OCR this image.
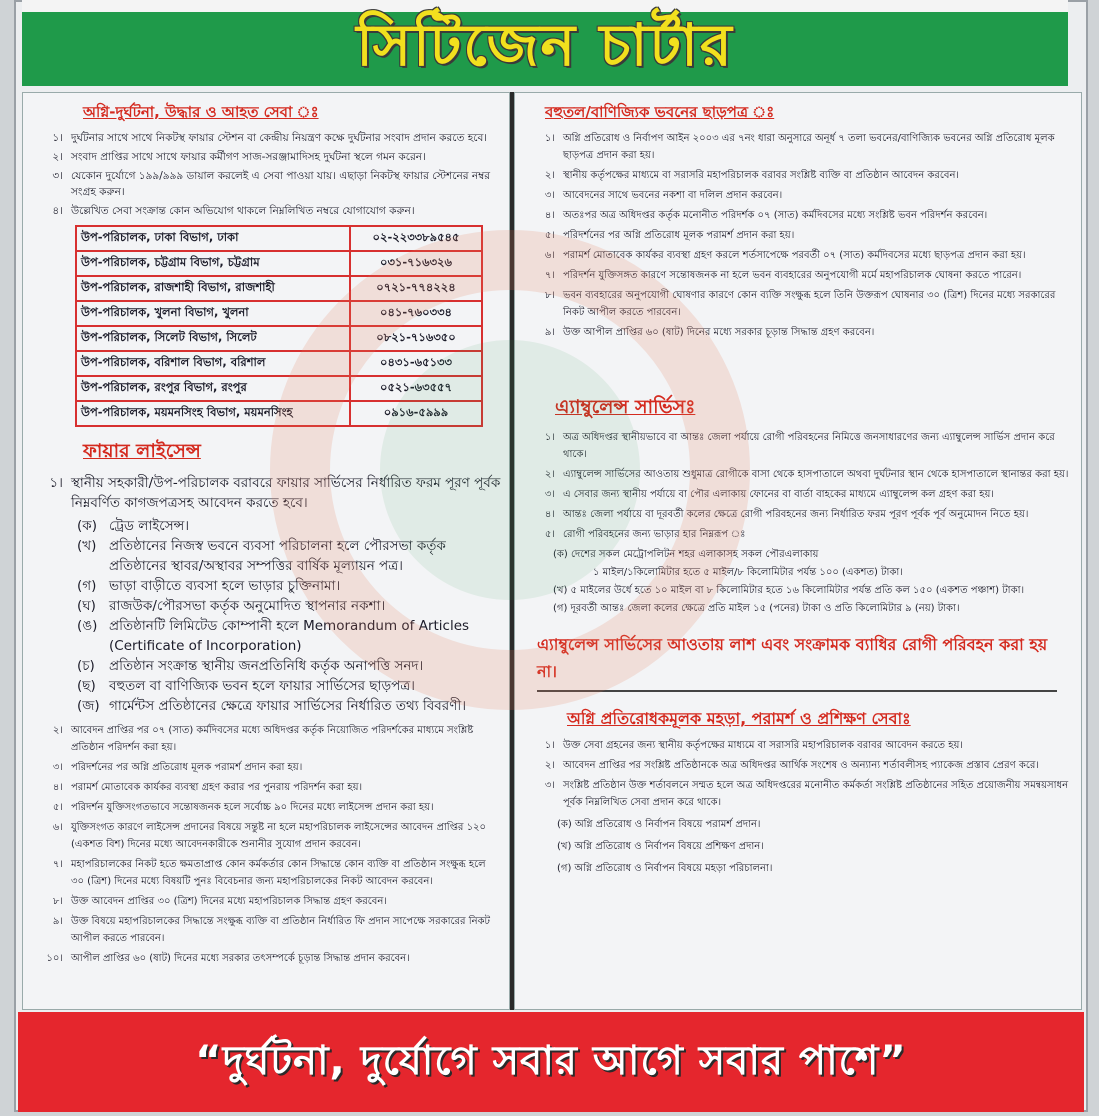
সিটিজেন চার্টার
অগ্নি-দুর্ঘটনা, উদ্ধার ও আহত সেবা ঃ
১। দুর্ঘটনার সাথে সাথে নিকটস্থ ফায়ার স্টেশন বা কেন্দ্রীয় নিয়ন্ত্রণ কক্ষে দুর্ঘটনার সংবাদ প্রদান করতে হবে।
২। সংবাদ প্রাপ্তির সাথে সাথে ফায়ার কর্মীগণ সাজ-সরঞ্জামাদিসহ দুর্ঘটনা স্থলে গমন করেন।
৩। যেকোন দুর্যোগে ১৯৯/৯৯৯ ডায়াল করলেই এ সেবা পাওয়া যায়। এছাড়া নিকটস্থ ফায়ার স্টেশনের নম্বর সংগ্রহ করুন।
৪। উল্লেখিত সেবা সংক্রান্ত কোন অভিযোগ থাকলে নিম্নলিখিত নম্বরে যোগাযোগ করুন।
উপ-পরিচালক, ঢাকা বিভাগ, ঢাকা	০২-২২৩৩৮৯৫৪৫
উপ-পরিচালক, চট্টগ্রাম বিভাগ, চট্টগ্রাম	০৩১-৭১৬৩২৬
উপ-পরিচালক, রাজশাহী বিভাগ, রাজশাহী	০৭২১-৭৭৪২২৪
উপ-পরিচালক, খুলনা বিভাগ, খুলনা	০৪১-৭৬০৩৩৪
উপ-পরিচালক, সিলেট বিভাগ, সিলেট	০৮২১-৭১৬৩৫০
উপ-পরিচালক, বরিশাল বিভাগ, বরিশাল	০৪৩১-৬৫১৩৩
উপ-পরিচালক, রংপুর বিভাগ, রংপুর	০৫২১-৬৩৫৫৭
উপ-পরিচালক, ময়মনসিংহ বিভাগ, ময়মনসিংহ	০৯১৬-৫৯৯৯
ফায়ার লাইসেন্স
১। স্থানীয় সহকারী/উপ-পরিচালক বরাবরে ফায়ার সার্ভিসের নির্ধারিত ফরম পূরণ পূর্বক নিম্নবর্ণিত কাগজপত্রসহ আবেদন করতে হবে।
(ক) ট্রেড লাইসেন্স।
(খ) প্রতিষ্ঠানের নিজস্ব ভবনে ব্যবসা পরিচালনা হলে পৌরসভা কর্তৃক প্রতিষ্ঠানের স্থাবর/অস্থাবর সম্পত্তির বার্ষিক মূল্যায়ন পত্র।
(গ) ভাড়া বাড়ীতে ব্যবসা হলে ভাড়ার চুক্তিনামা।
(ঘ) রাজউক/পৌরসভা কর্তৃক অনুমোদিত স্থাপনার নকশা।
(ঙ) প্রতিষ্ঠানটি লিমিটেড কোম্পানী হলে Memorandum of Articles (Certificate of Incorporation)
(চ)	প্রতিষ্ঠান সংক্রান্ত স্থানীয় জনপ্রতিনিধি কর্তৃক অনাপত্তি সনদ।
(ছ) বহুতল বা বাণিজ্যিক ভবন হলে ফায়ার সার্ভিসের ছাড়পত্র।
(জ) গার্মেন্টস প্রতিষ্ঠানের ক্ষেত্রে ফায়ার সার্ভিসের নির্ধারিত তথ্য বিবরণী।
২। আবেদন প্রাপ্তির পর ০৭ (সাত) কর্মদিবসের মধ্যে অধিদপ্তর কর্তৃক নিয়োজিত পরিদর্শকের মাধ্যমে সংশ্লিষ্ট প্রতিষ্ঠান পরিদর্শন করা হয়।
৩। পরিদর্শনের পর অগ্নি প্রতিরোধ মূলক পরামর্শ প্রদান করা হয়।
৪। পরামর্শ মোতাবেক কার্যকর ব্যবস্থা গ্রহণ করার পর পুনরায় পরিদর্শন করা হয়।
৫। পরিদর্শন যুক্তিসংগতভাবে সন্তোষজনক হলে সর্বোচ্চ ৯০ দিনের মধ্যে লাইসেন্স প্রদান করা হয়।
৬। যুক্তিসংগত কারণে লাইসেন্স প্রদানের বিষয়ে সন্তুষ্ট না হলে মহাপরিচালক লাইসেন্সের আবেদন প্রাপ্তির ১২০ (একশত বিশ) দিনের মধ্যে আবেদনকারীকে শুনানীর সুযোগ প্রদান করবেন।
৭। মহাপরিচালকের নিকট হতে ক্ষমতাপ্রাপ্ত কোন কর্মকর্তার কোন সিদ্ধান্তে কোন ব্যক্তি বা প্রতিষ্ঠান সংক্ষুব্ধ হলে ৩০ (ত্রিশ) দিনের মধ্যে বিষয়টি পুনঃ বিবেচনার জন্য মহাপরিচালকের নিকট আবেদন করবেন।
৮। উক্ত আবেদন প্রাপ্তির ৩০ (ত্রিশ) দিনের মধ্যে মহাপরিচালক সিদ্ধান্ত গ্রহণ করবেন।
৯। উক্ত বিষয়ে মহাপরিচালকের সিদ্ধান্তে সংক্ষুব্ধ ব্যক্তি বা প্রতিষ্ঠান নির্ধারিত ফি প্রদান সাপেক্ষে সরকারের নিকট আপীল করতে পারবেন।
১০। আপীল প্রাপ্তির ৬০ (ষাট) দিনের মধ্যে সরকার তৎসম্পর্কে চূড়ান্ত সিদ্ধান্ত প্রদান করবেন।
বহুতল/বাণিজ্যিক ভবনের ছাড়পত্র ঃ
১। অগ্নি প্রতিরোধ ও নির্বাপণ আইন ২০০৩ এর ৭নং ধারা অনুসারে অনূর্ধ ৭ তলা ভবনের/বাণিজ্যিক ভবনের অগ্নি প্রতিরোধ মূলক ছাড়পত্র প্রদান করা হয়।
২। স্থানীয় কর্তৃপক্ষের মাধ্যমে বা সরাসরি মহাপরিচালক বরাবর সংশ্লিষ্ট ব্যক্তি বা প্রতিষ্ঠান আবেদন করবেন।
৩। আবেদনের সাথে ভবনের নকশা বা দলিল প্রদান করবেন।
৪। অতঃপর অত্র অধিদপ্তর কর্তৃক মনোনীত পরিদর্শক ০৭ (সাত) কর্মদিবসের মধ্যে সংশ্লিষ্ট ভবন পরিদর্শন করবেন।
৫। পরিদর্শনের পর অগ্নি প্রতিরোধ মূলক পরামর্শ প্রদান করা হয়।
৬। পরামর্শ মোতাবেক কার্যকর ব্যবস্থা গ্রহণ করলে শর্তসাপেক্ষে পরবর্তী ০৭ (সাত) কর্মদিবসের মধ্যে ছাড়পত্র প্রদান করা হয়।
৭। পরিদর্শন যুক্তিসঙ্গত কারণে সন্তোষজনক না হলে ভবন ব্যবহারের অনুপযোগী মর্মে মহাপরিচালক ঘোষনা করতে পারেন।
৮। ভবন ব্যবহারের অনুপযোগী ঘোষণার কারণে কোন ব্যক্তি সংক্ষুব্ধ হলে তিনি উক্তরূপ ঘোষনার ৩০ (ত্রিশ) দিনের মধ্যে সরকারের নিকট আপীল করতে পারবেন।
৯। উক্ত আপীল প্রাপ্তির ৬০ (ষাট) দিনের মধ্যে সরকার চূড়ান্ত সিদ্ধান্ত গ্রহণ করবেন।
এ্যাম্বুলেন্স সার্ভিসঃ
১। অত্র অধিদপ্তর স্থানীয়ভাবে বা আন্তঃ জেলা পর্যায়ে রোগী পরিবহনের নিমিত্তে জনসাধারণের জন্য এ্যাম্বুলেন্স সার্ভিস প্রদান করে থাকে।
২। এ্যাম্বুলেন্স সার্ভিসের আওতায় শুধুমাত্র রোগীকে বাসা থেকে হাসপাতালে অথবা দুর্ঘটনার স্থান থেকে হাসপাতালে স্থানান্তর করা হয়।
৩। এ সেবার জন্য স্থানীয় পর্যায়ে বা পৌর এলাকায় ফোনের বা বার্তা বাহকের মাধ্যমে এ্যাম্বুলেন্স কল গ্রহণ করা হয়।
৪। আন্তঃ জেলা পর্যায়ে বা দূরবর্তী কলের ক্ষেত্রে রোগী পরিবহনের জন্য নির্ধারিত ফরম পূরণ পূর্বক পূর্ব অনুমোদন নিতে হয়।
৫। রোগী পরিবহনের জন্য ভাড়ার হার নিম্নরূপ ঃ
(ক) দেশের সকল মেট্রোপলিটন শহর এলাকাসহ সকল পৌরএলাকায়
১ মাইল/১কিলোমিটার হতে ৫ মাইল/৮ কিলোমিটার পর্যন্ত ১০০ (একশত) টাকা।
(খ) ৫ মাইলের উর্ধে হতে ১০ মাইল বা ৮ কিলোমিটার হতে ১৬ কিলোমিটার পর্যন্ত প্রতি কল ১৫০ (একশত পঞ্চাশ) টাকা।
(গ) দূরবর্তী আন্তঃ জেলা কলের ক্ষেত্রে প্রতি মাইল ১৫ (পনের) টাকা ও প্রতি কিলোমিটার ৯ (নয়) টাকা।
এ্যাম্বুলেন্স সার্ভিসের আওতায় লাশ এবং সংক্রামক ব্যাধির রোগী পরিবহন করা হয় না।
অগ্নি প্রতিরোধকমূলক মহড়া, পরামর্শ ও প্রশিক্ষণ সেবাঃ
১। উক্ত সেবা গ্রহনের জন্য স্থানীয় কর্তৃপক্ষের মাধ্যমে বা সরাসরি মহাপরিচালক বরাবর আবেদন করতে হয়।
২। আবেদন প্রাপ্তির পর সংশ্লিষ্ট প্রতিষ্ঠানকে অত্র অধিদপ্তর আর্থিক সংশেষ ও অন্যান্য শর্তাবলীসহ প্যাকেজ প্রস্তাব প্রেরণ করে।
৩। সংশ্লিষ্ট প্রতিষ্ঠান উক্ত শর্তাবলনে সম্মত হলে অত্র অধিদপ্তরের মনোনীত কর্মকর্তা সংশ্লিষ্ট প্রতিষ্ঠানের সহিত প্রয়োজনীয় সমন্বয়সাধন পূর্বক নিম্নলিখিত সেবা প্রদান করে থাকে।
(ক) অগ্নি প্রতিরোধ ও নির্বাপন বিষয়ে পরামর্শ প্রদান।
(খ) অগ্নি প্রতিরোধ ও নির্বাপন বিষয়ে প্রশিক্ষণ প্রদান।
(গ) অগ্নি প্রতিরোধ ও নির্বাপন বিষয়ে মহড়া পরিচালনা।
“দুর্ঘটনা, দুর্যোগে সবার আগে সবার পাশে”
